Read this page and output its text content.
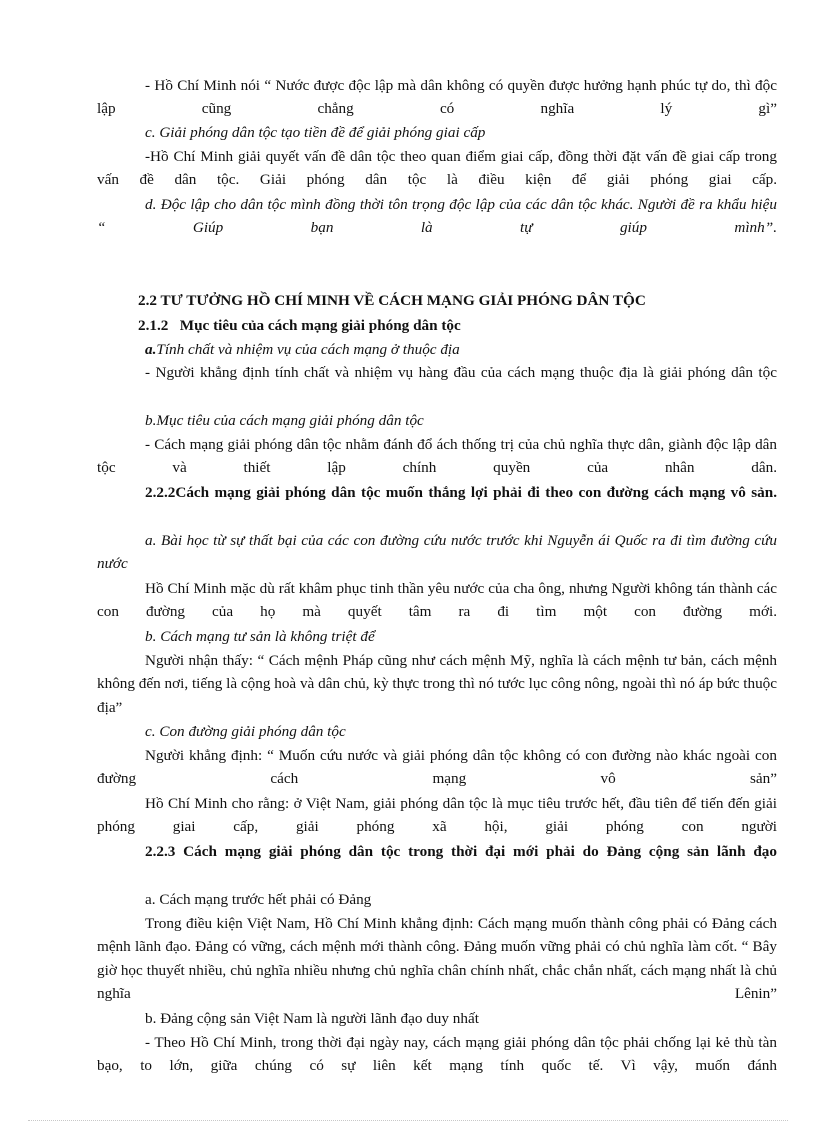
- Hồ Chí Minh nói “ Nước được độc lập mà dân không có quyền được hưởng hạnh phúc tự do, thì độc lập cũng chẳng có nghĩa lý gì”

c. Giải phóng dân tộc tạo tiền đề để giải phóng giai cấp

-Hồ Chí Minh giải quyết vấn đề dân tộc theo quan điểm giai cấp, đồng thời đặt vấn đề giai cấp trong vấn đề dân tộc. Giải phóng dân tộc là điều kiện để giải phóng giai cấp.

d. Độc lập cho dân tộc mình đồng thời tôn trọng độc lập của các dân tộc khác. Người đề ra khẩu hiệu “ Giúp bạn là tự giúp mình”.

2.2 TƯ TƯỞNG HỒ CHÍ MINH VỀ CÁCH MẠNG GIẢI PHÓNG DÂN TỘC

2.1.2 Mục tiêu của cách mạng giải phóng dân tộc

a.Tính chất và nhiệm vụ của cách mạng ở thuộc địa

- Người khẳng định tính chất và nhiệm vụ hàng đầu của cách mạng thuộc địa là giải phóng dân tộc

b.Mục tiêu của cách mạng giải phóng dân tộc

- Cách mạng giải phóng dân tộc nhằm đánh đổ ách thống trị của chủ nghĩa thực dân, giành độc lập dân tộc và thiết lập chính quyền của nhân dân.

2.2.2Cách mạng giải phóng dân tộc muốn thắng lợi phải đi theo con đường cách mạng vô sản.

a. Bài học từ sự thất bại của các con đường cứu nước trước khi Nguyễn ái Quốc ra đi tìm đường cứu nước

Hồ Chí Minh mặc dù rất khâm phục tinh thần yêu nước của cha ông, nhưng Người không tán thành các con đường của họ mà quyết tâm ra đi tìm một con đường mới.

b. Cách mạng tư sản là không triệt để

Người nhận thấy: “ Cách mệnh Pháp cũng như cách mệnh Mỹ, nghĩa là cách mệnh tư bản, cách mệnh không đến nơi, tiếng là cộng hoà và dân chủ, kỳ thực trong thì nó tước lục công nông, ngoài thì nó áp bức thuộc địa”

c. Con đường giải phóng dân tộc

Người khẳng định: “ Muốn cứu nước và giải phóng dân tộc không có con đường nào khác ngoài con đường cách mạng vô sản”

Hồ Chí Minh cho rằng: ở Việt Nam, giải phóng dân tộc là mục tiêu trước hết, đầu tiên để tiến đến giải phóng giai cấp, giải phóng xã hội, giải phóng con người

2.2.3 Cách mạng giải phóng dân tộc trong thời đại mới phải do Đảng cộng sản lãnh đạo

a. Cách mạng trước hết phải có Đảng

Trong điều kiện Việt Nam, Hồ Chí Minh khẳng định: Cách mạng muốn thành công phải có Đảng cách mệnh lãnh đạo. Đảng có vững, cách mệnh mới thành công. Đảng muốn vững phải có chủ nghĩa làm cốt. “ Bây giờ học thuyết nhiều, chủ nghĩa nhiều nhưng chủ nghĩa chân chính nhất, chắc chắn nhất, cách mạng nhất là chủ nghĩa Lênin”

b. Đảng cộng sản Việt Nam là người lãnh đạo duy nhất

- Theo Hồ Chí Minh, trong thời đại ngày nay, cách mạng giải phóng dân tộc phải chống lại kẻ thù tàn bạo, to lớn, giữa chúng có sự liên kết mạng tính quốc tế. Vì vậy, muốn đánh
